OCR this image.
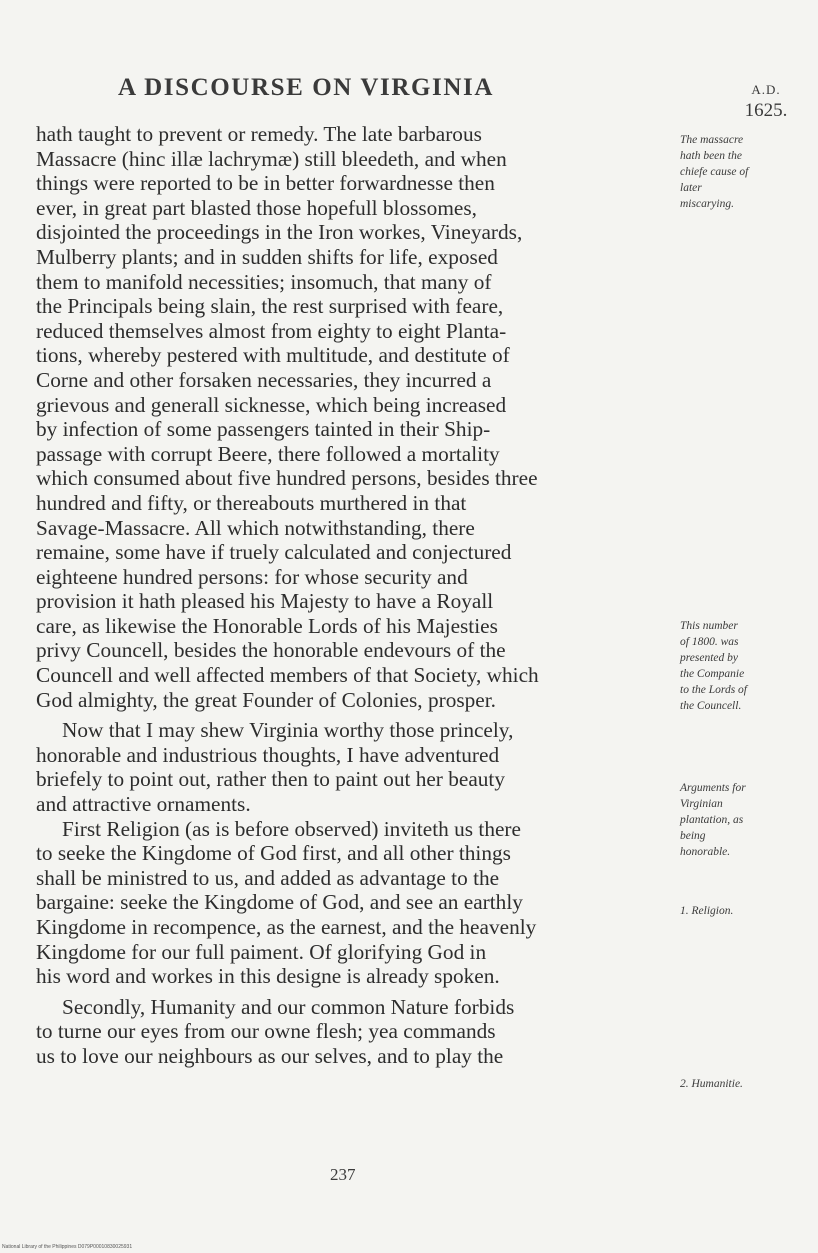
A DISCOURSE ON VIRGINIA	A.D.
1625.
hath taught to prevent or remedy. The late barbarous
Massacre (hinc illæ lachrymæ) still bleedeth, and when
things were reported to be in better forwardnesse then
ever, in great part blasted those hopefull blossomes,
disjointed the proceedings in the Iron workes, Vineyards,
Mulberry plants; and in sudden shifts for life, exposed
them to manifold necessities; insomuch, that many of
the Principals being slain, the rest surprised with feare,
reduced themselves almost from eighty to eight Planta-
tions, whereby pestered with multitude, and destitute of
Corne and other forsaken necessaries, they incurred a
grievous and generall sicknesse, which being increased
by infection of some passengers tainted in their Ship-
passage with corrupt Beere, there followed a mortality
which consumed about five hundred persons, besides three
hundred and fifty, or thereabouts murthered in that
Savage-Massacre. All which notwithstanding, there
remaine, some have if truely calculated and conjectured
eighteene hundred persons: for whose security and
provision it hath pleased his Majesty to have a Royall
care, as likewise the Honorable Lords of his Majesties
privy Councell, besides the honorable endevours of the
Councell and well affected members of that Society, which
God almighty, the great Founder of Colonies, prosper.
Now that I may shew Virginia worthy those princely,
honorable and industrious thoughts, I have adventured
briefely to point out, rather then to paint out her beauty
and attractive ornaments.
First Religion (as is before observed) inviteth us there
to seeke the Kingdome of God first, and all other things
shall be ministred to us, and added as advantage to the
bargaine: seeke the Kingdome of God, and see an earthly
Kingdome in recompence, as the earnest, and the heavenly
Kingdome for our full paiment. Of glorifying God in
his word and workes in this designe is already spoken.
Secondly, Humanity and our common Nature forbids
to turne our eyes from our owne flesh; yea commands
us to love our neighbours as our selves, and to play the
The massacre
hath been the
chiefe cause of
later
miscarying.
This number
of 1800. was
presented by
the Companie
to the Lords of
the Councell.
Arguments for
Virginian
plantation, as
being
honorable.
1. Religion.
2. Humanitie.
237
National Library of the Philippines D079P00010830025931
